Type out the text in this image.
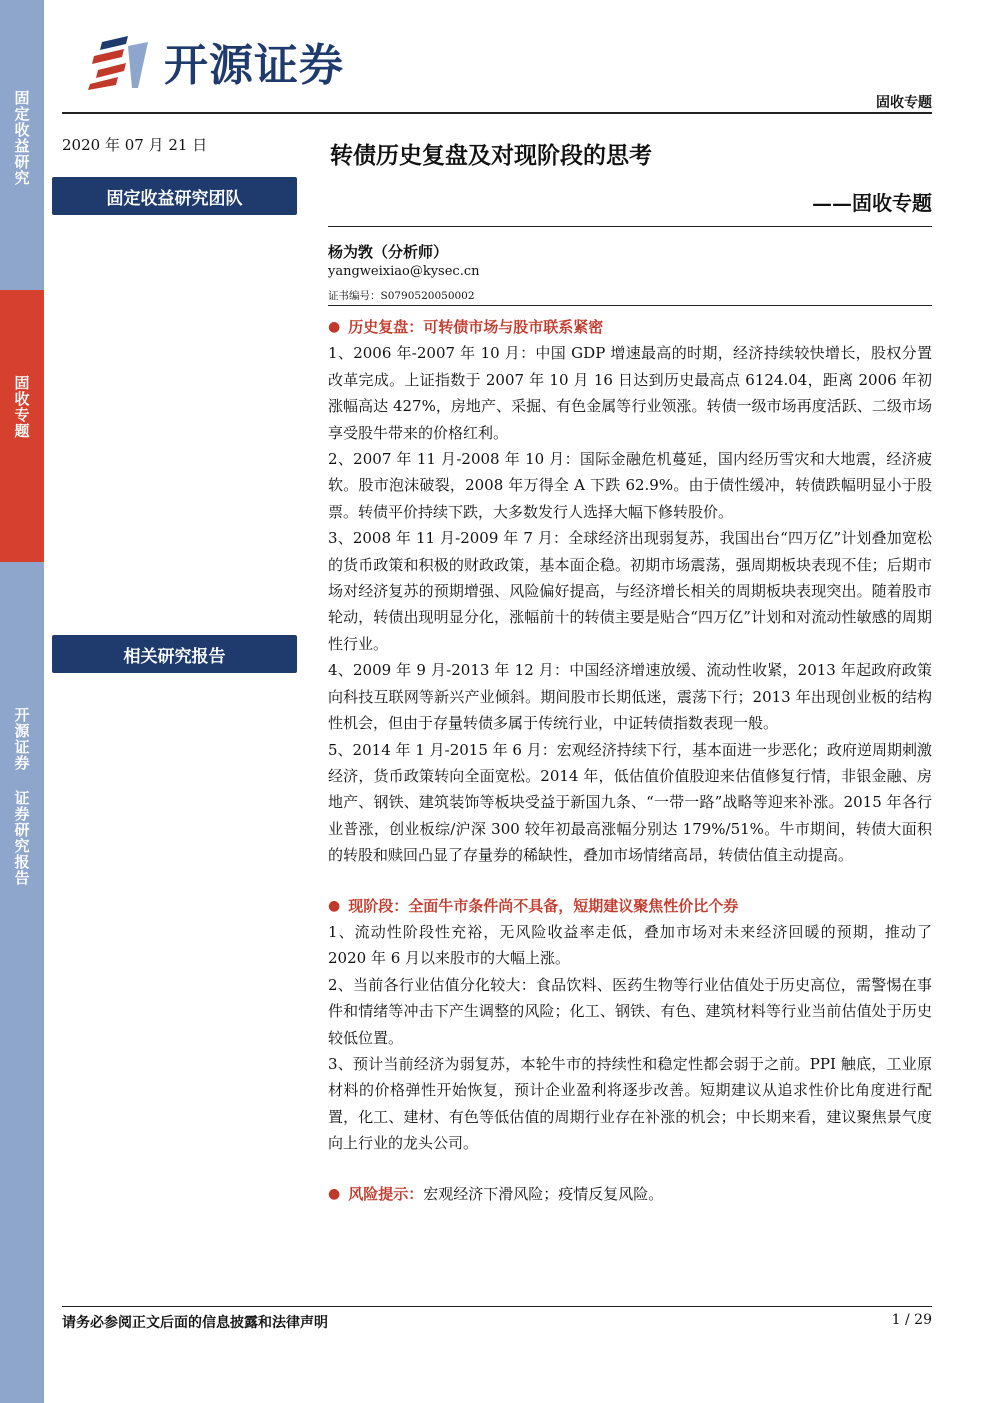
固定收益研究
固收专题
开源证券 证券研究报告
开源证券
固收专题
2020 年 07 月 21 日
固定收益研究团队
相关研究报告
转债历史复盘及对现阶段的思考
——固收专题
杨为敩（分析师）
yangweixiao@kysec.cn
证书编号：S0790520050002
● 历史复盘：可转债市场与股市联系紧密
1、2006 年-2007 年 10 月：中国 GDP 增速最高的时期，经济持续较快增长，股权分置改革完成。上证指数于 2007 年 10 月 16 日达到历史最高点 6124.04，距离 2006 年初涨幅高达 427%，房地产、采掘、有色金属等行业领涨。转债一级市场再度活跃、二级市场享受股牛带来的价格红利。
2、2007 年 11 月-2008 年 10 月：国际金融危机蔓延，国内经历雪灾和大地震，经济疲软。股市泡沫破裂，2008 年万得全 A 下跌 62.9%。由于债性缓冲，转债跌幅明显小于股票。转债平价持续下跌，大多数发行人选择大幅下修转股价。
3、2008 年 11 月-2009 年 7 月：全球经济出现弱复苏，我国出台“四万亿”计划叠加宽松的货币政策和积极的财政政策，基本面企稳。初期市场震荡，强周期板块表现不佳；后期市场对经济复苏的预期增强、风险偏好提高，与经济增长相关的周期板块表现突出。随着股市轮动，转债出现明显分化，涨幅前十的转债主要是贴合“四万亿”计划和对流动性敏感的周期性行业。
4、2009 年 9 月-2013 年 12 月：中国经济增速放缓、流动性收紧，2013 年起政府政策向科技互联网等新兴产业倾斜。期间股市长期低迷，震荡下行；2013 年出现创业板的结构性机会，但由于存量转债多属于传统行业，中证转债指数表现一般。
5、2014 年 1 月-2015 年 6 月：宏观经济持续下行，基本面进一步恶化；政府逆周期刺激经济，货币政策转向全面宽松。2014 年，低估值价值股迎来估值修复行情，非银金融、房地产、钢铁、建筑装饰等板块受益于新国九条、“一带一路”战略等迎来补涨。2015 年各行业普涨，创业板综/沪深 300 较年初最高涨幅分别达 179%/51%。牛市期间，转债大面积的转股和赎回凸显了存量券的稀缺性，叠加市场情绪高昂，转债估值主动提高。
● 现阶段：全面牛市条件尚不具备，短期建议聚焦性价比个券
1、流动性阶段性充裕，无风险收益率走低，叠加市场对未来经济回暖的预期，推动了 2020 年 6 月以来股市的大幅上涨。
2、当前各行业估值分化较大：食品饮料、医药生物等行业估值处于历史高位，需警惕在事件和情绪等冲击下产生调整的风险；化工、钢铁、有色、建筑材料等行业当前估值处于历史较低位置。
3、预计当前经济为弱复苏，本轮牛市的持续性和稳定性都会弱于之前。PPI 触底，工业原材料的价格弹性开始恢复，预计企业盈利将逐步改善。短期建议从追求性价比角度进行配置，化工、建材、有色等低估值的周期行业存在补涨的机会；中长期来看，建议聚焦景气度向上行业的龙头公司。
● 风险提示： 宏观经济下滑风险；疫情反复风险。
请务必参阅正文后面的信息披露和法律声明	1 / 29
